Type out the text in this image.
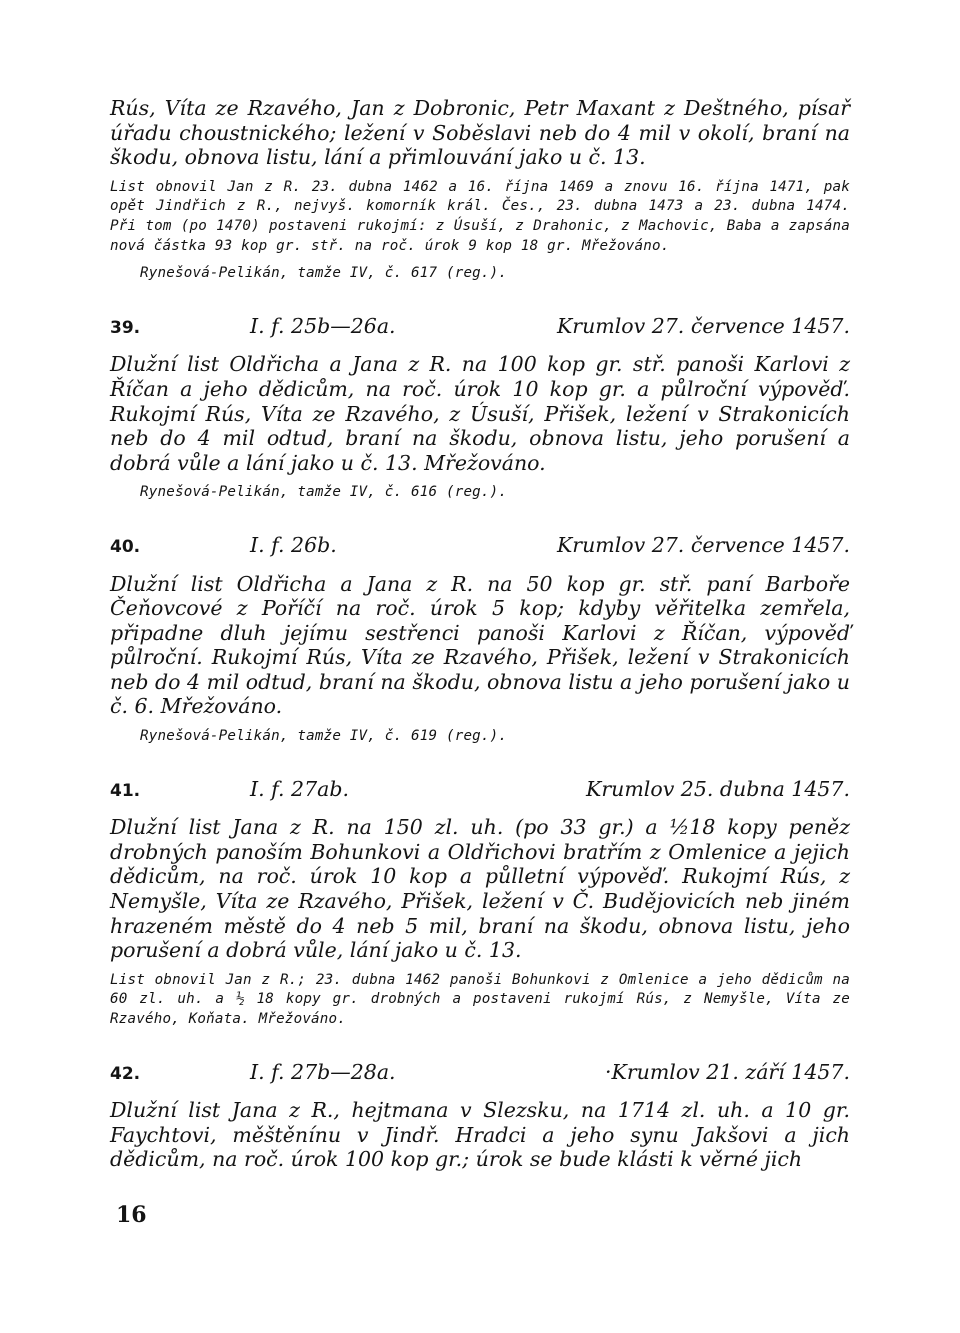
Rús, Víta ze Rzavého, Jan z Dobronic, Petr Maxant z Deštného, písař úřadu choustnického; ležení v Soběslavi neb do 4 mil v okolí, braní na škodu, obnova listu, lání a přimlouvání jako u č. 13.

List obnovil Jan z R. 23. dubna 1462 a 16. října 1469 a znovu 16. října 1471, pak opět Jindřich z R., nejvyš. komorník král. Čes., 23. dubna 1473 a 23. dubna 1474. Při tom (po 1470) postaveni rukojmí: z Úsuší, z Drahonic, z Machovic, Baba a zapsána nová částka 93 kop gr. stř. na roč. úrok 9 kop 18 gr. Mřežováno.

Rynešová-Pelikán, tamže IV, č. 617 (reg.).

39.	I. f. 25b—26a.	Krumlov 27. července 1457.

Dlužní list Oldřicha a Jana z R. na 100 kop gr. stř. panoši Karlovi z Říčan a jeho dědicům, na roč. úrok 10 kop gr. a půlroční výpověď. Rukojmí Rús, Víta ze Rzavého, z Úsuší, Přišek, ležení v Strakonicích neb do 4 mil odtud, braní na škodu, obnova listu, jeho porušení a dobrá vůle a lání jako u č. 13. Mřežováno.

Rynešová-Pelikán, tamže IV, č. 616 (reg.).

40.	I. f. 26b.	Krumlov 27. července 1457.

Dlužní list Oldřicha a Jana z R. na 50 kop gr. stř. paní Barboře Čeňovcové z Poříčí na roč. úrok 5 kop; kdyby věřitelka zemřela, připadne dluh jejímu sestřenci panoši Karlovi z Říčan, výpověď půlroční. Rukojmí Rús, Víta ze Rzavého, Přišek, ležení v Strakonicích neb do 4 mil odtud, braní na škodu, obnova listu a jeho porušení jako u č. 6. Mřežováno.

Rynešová-Pelikán, tamže IV, č. 619 (reg.).

41.	I. f. 27ab.	Krumlov 25. dubna 1457.

Dlužní list Jana z R. na 150 zl. uh. (po 33 gr.) a ½18 kopy peněz drobných panoším Bohunkovi a Oldřichovi bratřím z Omlenice a jejich dědicům, na roč. úrok 10 kop a půlletní výpověď. Rukojmí Rús, z Nemyšle, Víta ze Rzavého, Přišek, ležení v Č. Budějovicích neb jiném hrazeném městě do 4 neb 5 mil, braní na škodu, obnova listu, jeho porušení a dobrá vůle, lání jako u č. 13.

List obnovil Jan z R.; 23. dubna 1462 panoši Bohunkovi z Omlenice a jeho dědicům na 60 zl. uh. a ½ 18 kopy gr. drobných a postaveni rukojmí Rús, z Nemyšle, Víta ze Rzavého, Koňata. Mřežováno.

42.	I. f. 27b—28a.	·Krumlov 21. září 1457.

Dlužní list Jana z R., hejtmana v Slezsku, na 1714 zl. uh. a 10 gr. Faychtovi, měštěnínu v Jindř. Hradci a jeho synu Jakšovi a jich dědicům, na roč. úrok 100 kop gr.; úrok se bude klásti k věrné jich

16
